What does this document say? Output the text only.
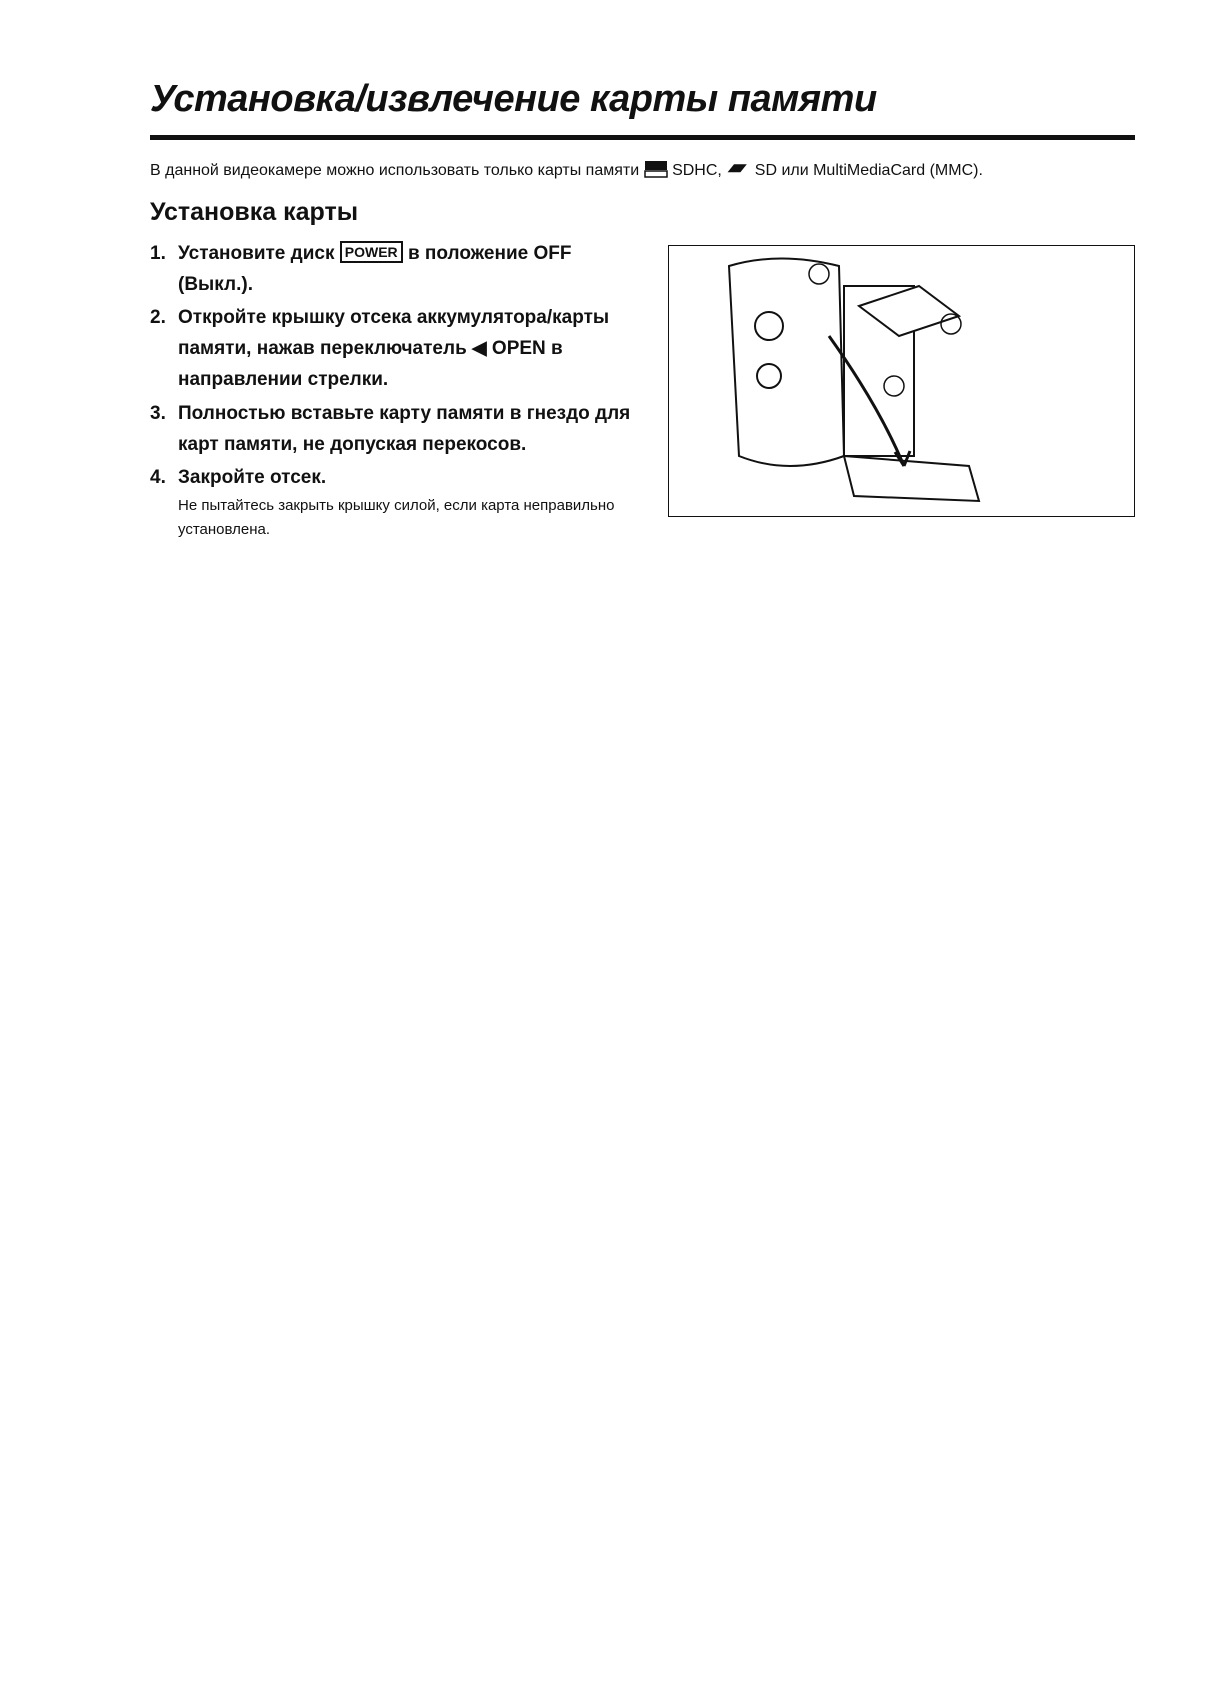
Установка/извлечение карты памяти
В данной видеокамере можно использовать только карты памяти SDHC, SD или MultiMediaCard (MMC).
Установка карты
1. Установите диск POWER в положение OFF (Выкл.).
2. Откройте крышку отсека аккумулятора/карты памяти, нажав переключатель ◀ OPEN в направлении стрелки.
3. Полностью вставьте карту памяти в гнездо для карт памяти, не допуская перекосов.
4. Закройте отсек.
Не пытайтесь закрыть крышку силой, если карта неправильно установлена.
